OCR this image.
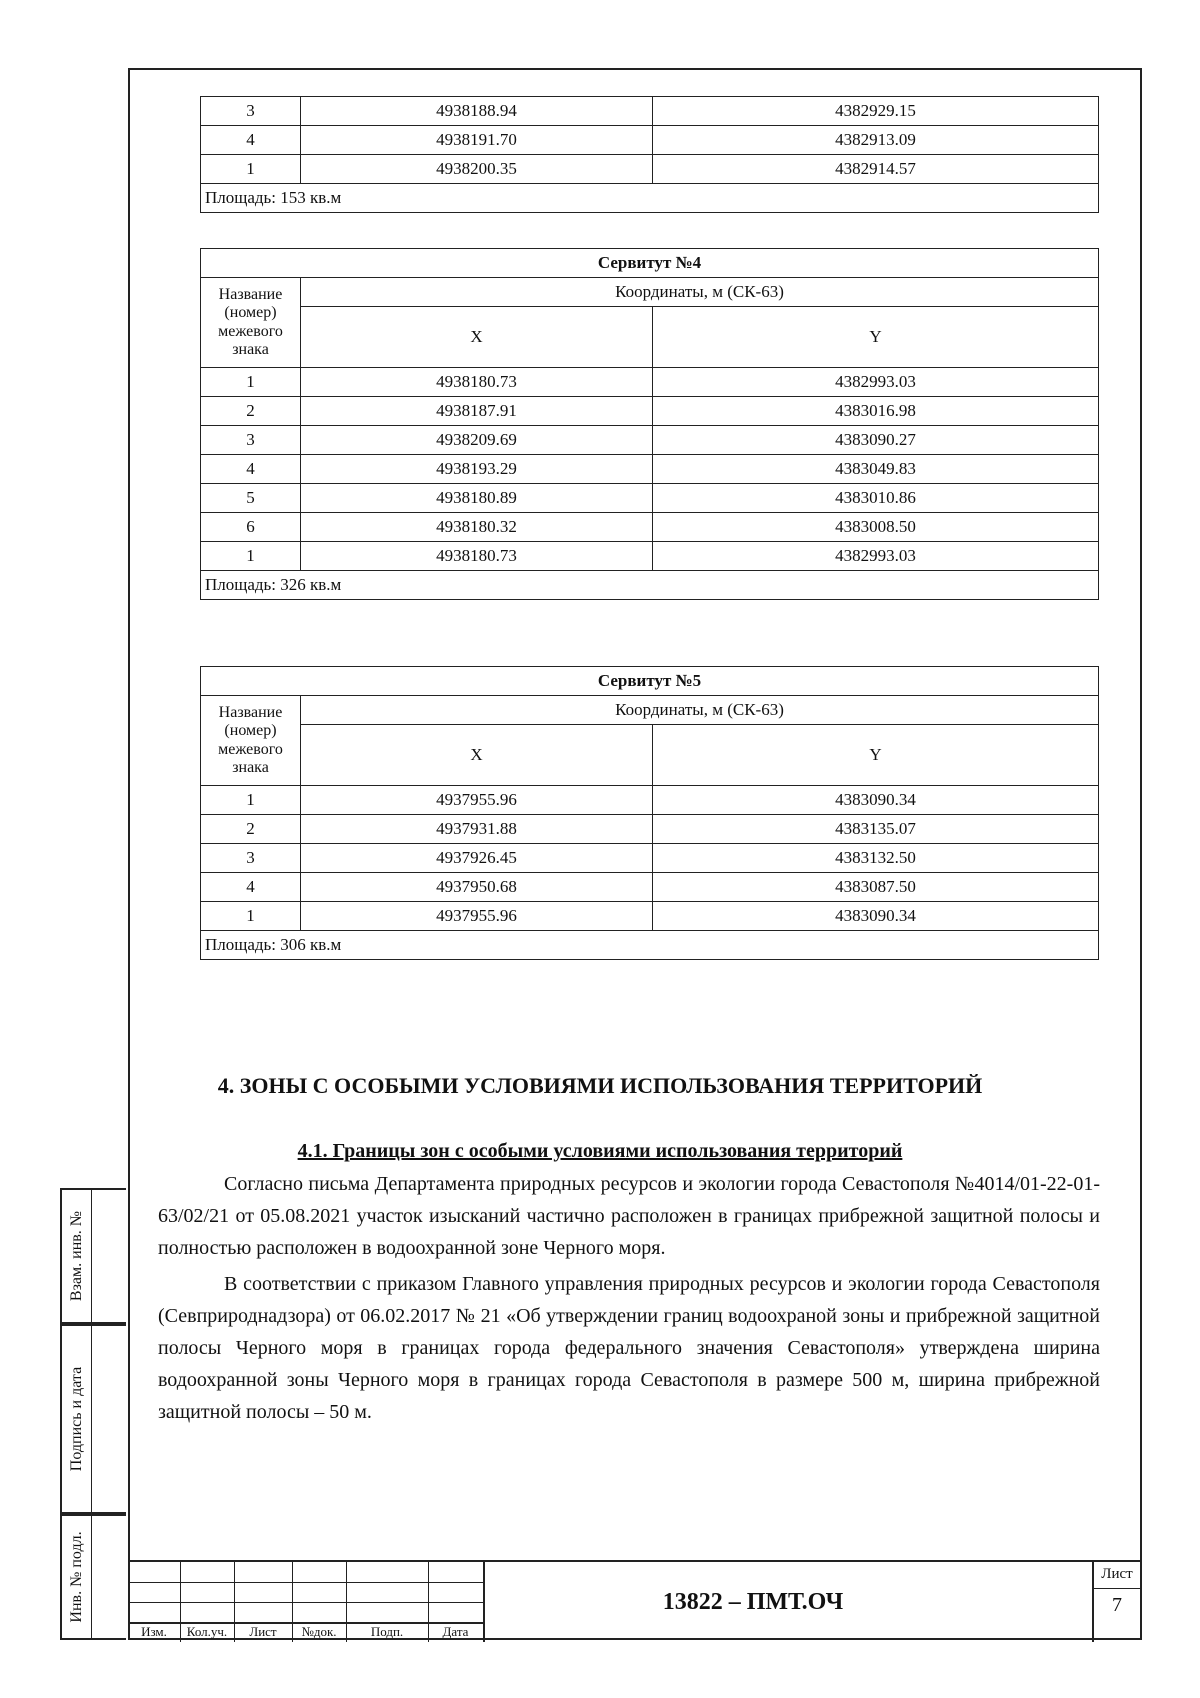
3	4938188.94	4382929.15
4	4938191.70	4382913.09
1	4938200.35	4382914.57
Площадь: 153 кв.м		
Сервитут №4		
Название (номер) межевого знака	Координаты, м (СК-63)	
	X	Y
1	4938180.73	4382993.03
2	4938187.91	4383016.98
3	4938209.69	4383090.27
4	4938193.29	4383049.83
5	4938180.89	4383010.86
6	4938180.32	4383008.50
1	4938180.73	4382993.03
Площадь: 326 кв.м		
Сервитут №5		
Название (номер) межевого знака	Координаты, м (СК-63)	
	X	Y
1	4937955.96	4383090.34
2	4937931.88	4383135.07
3	4937926.45	4383132.50
4	4937950.68	4383087.50
1	4937955.96	4383090.34
Площадь: 306 кв.м		
4. ЗОНЫ С ОСОБЫМИ УСЛОВИЯМИ ИСПОЛЬЗОВАНИЯ ТЕРРИТОРИЙ
4.1. Границы зон с особыми условиями использования территорий

Согласно письма Департамента природных ресурсов и экологии города Севастополя №4014/01-22-01-63/02/21 от 05.08.2021 участок изысканий частично расположен в границах прибрежной защитной полосы и полностью расположен в водоохранной зоне Черного моря.

В соответствии с приказом Главного управления природных ресурсов и экологии города Севастополя (Севприроднадзора) от 06.02.2017 № 21 «Об утверждении границ водоохраной зоны и прибрежной защитной полосы Черного моря в границах города федерального значения Севастополя» утверждена ширина водоохранной зоны Черного моря в границах города Севастополя в размере 500 м, ширина прибрежной защитной полосы – 50 м.

Взам. инв. №
Подпись и дата
Инв. № подл.
Изм.	Кол.уч.	Лист	№док.	Подп.	Дата
13822 – ПМТ.ОЧ
Лист
7
